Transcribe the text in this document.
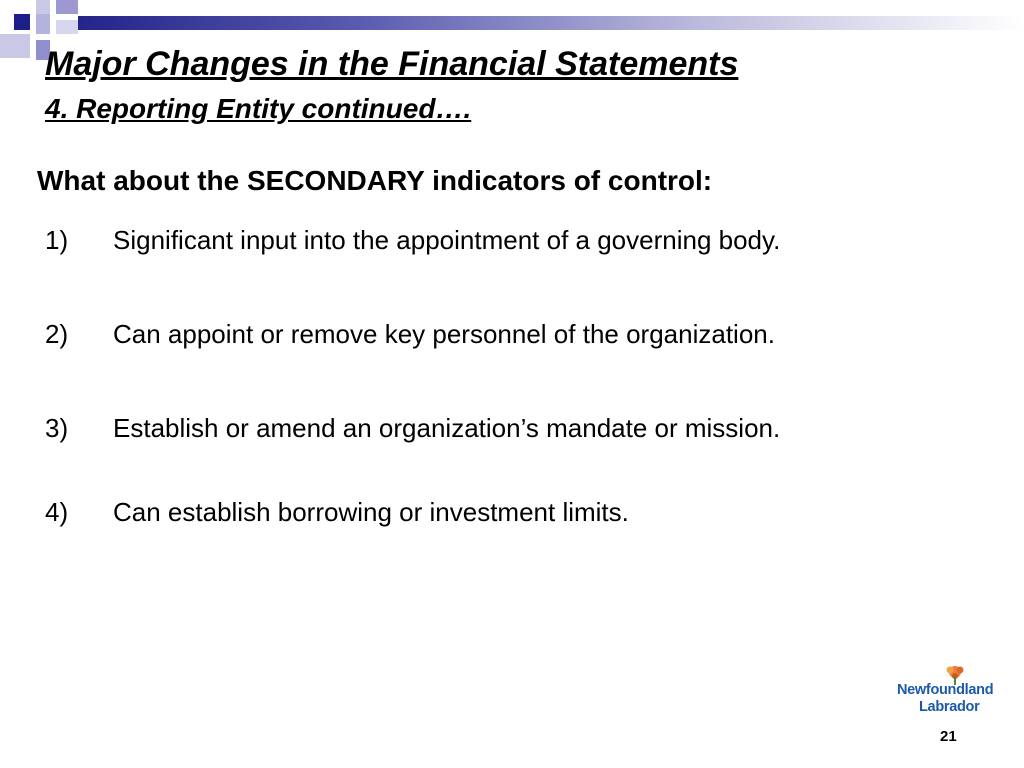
Major Changes in the Financial Statements
4. Reporting Entity continued….
What about the SECONDARY indicators of control:
1)	Significant input into the appointment of a governing body.
2)	Can appoint or remove key personnel of the organization.
3)	Establish or amend an organization’s mandate or mission.
4)	Can establish borrowing or investment limits.
Newfoundland
Labrador
21
